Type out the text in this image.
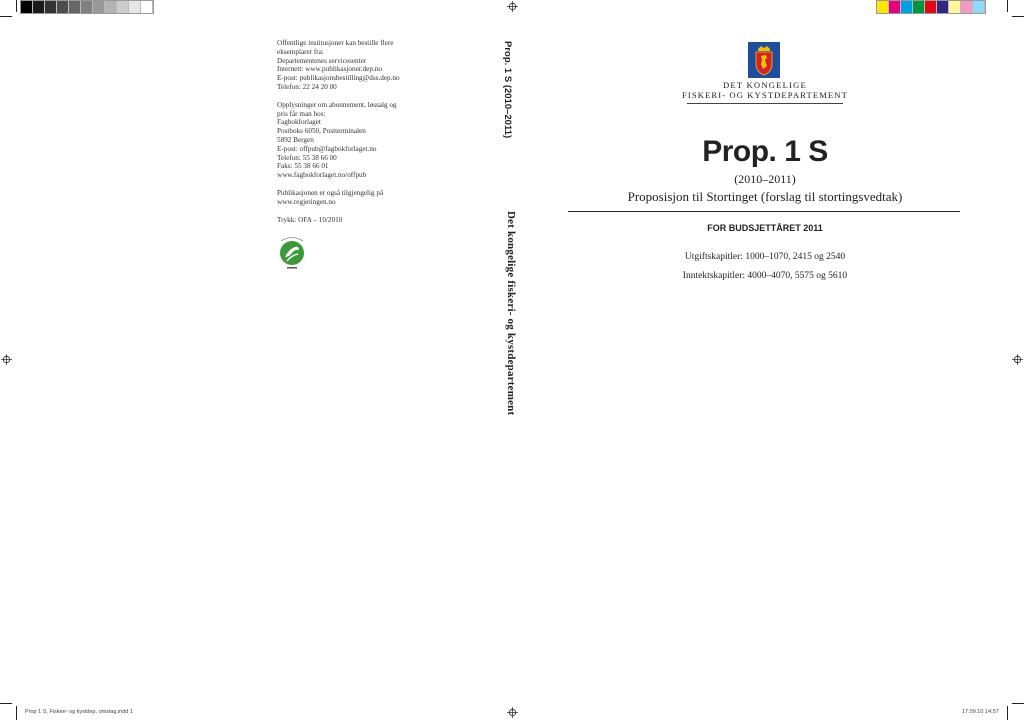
Offentlige institusjoner kan bestille flere
eksemplarer fra:
Departementenes servicesenter
Internett: www.publikasjoner.dep.no
E-post: publikasjonsbestilling@dss.dep.no
Telefon: 22 24 20 00

Opplysninger om abonnement, løssalg og
pris får man hos:
Fagbokforlaget
Postboks 6050, Postterminalen
5892 Bergen
E-post: offpub@fagbokforlaget.no
Telefon: 55 38 66 00
Faks: 55 38 66 01
www.fagbokforlaget.no/offpub

Publikasjonen er også tilgjengelig på
www.regjeringen.no

Trykk: OFA – 10/2010

Prop. 1 S (2010–2011)
Det kongelige fiskeri- og kystdepartement
DET KONGELIGE
FISKERI- OG KYSTDEPARTEMENT
Prop. 1 S
(2010–2011)
Proposisjon til Stortinget (forslag til stortingsvedtak)
FOR BUDSJETTÅRET 2011
Utgiftskapitler: 1000–1070, 2415 og 2540
Inntektskapitler: 4000–4070, 5575 og 5610
Prop 1 S, Fiskeri- og kystdep, omslag.indd 1	17.09.10 14:57
